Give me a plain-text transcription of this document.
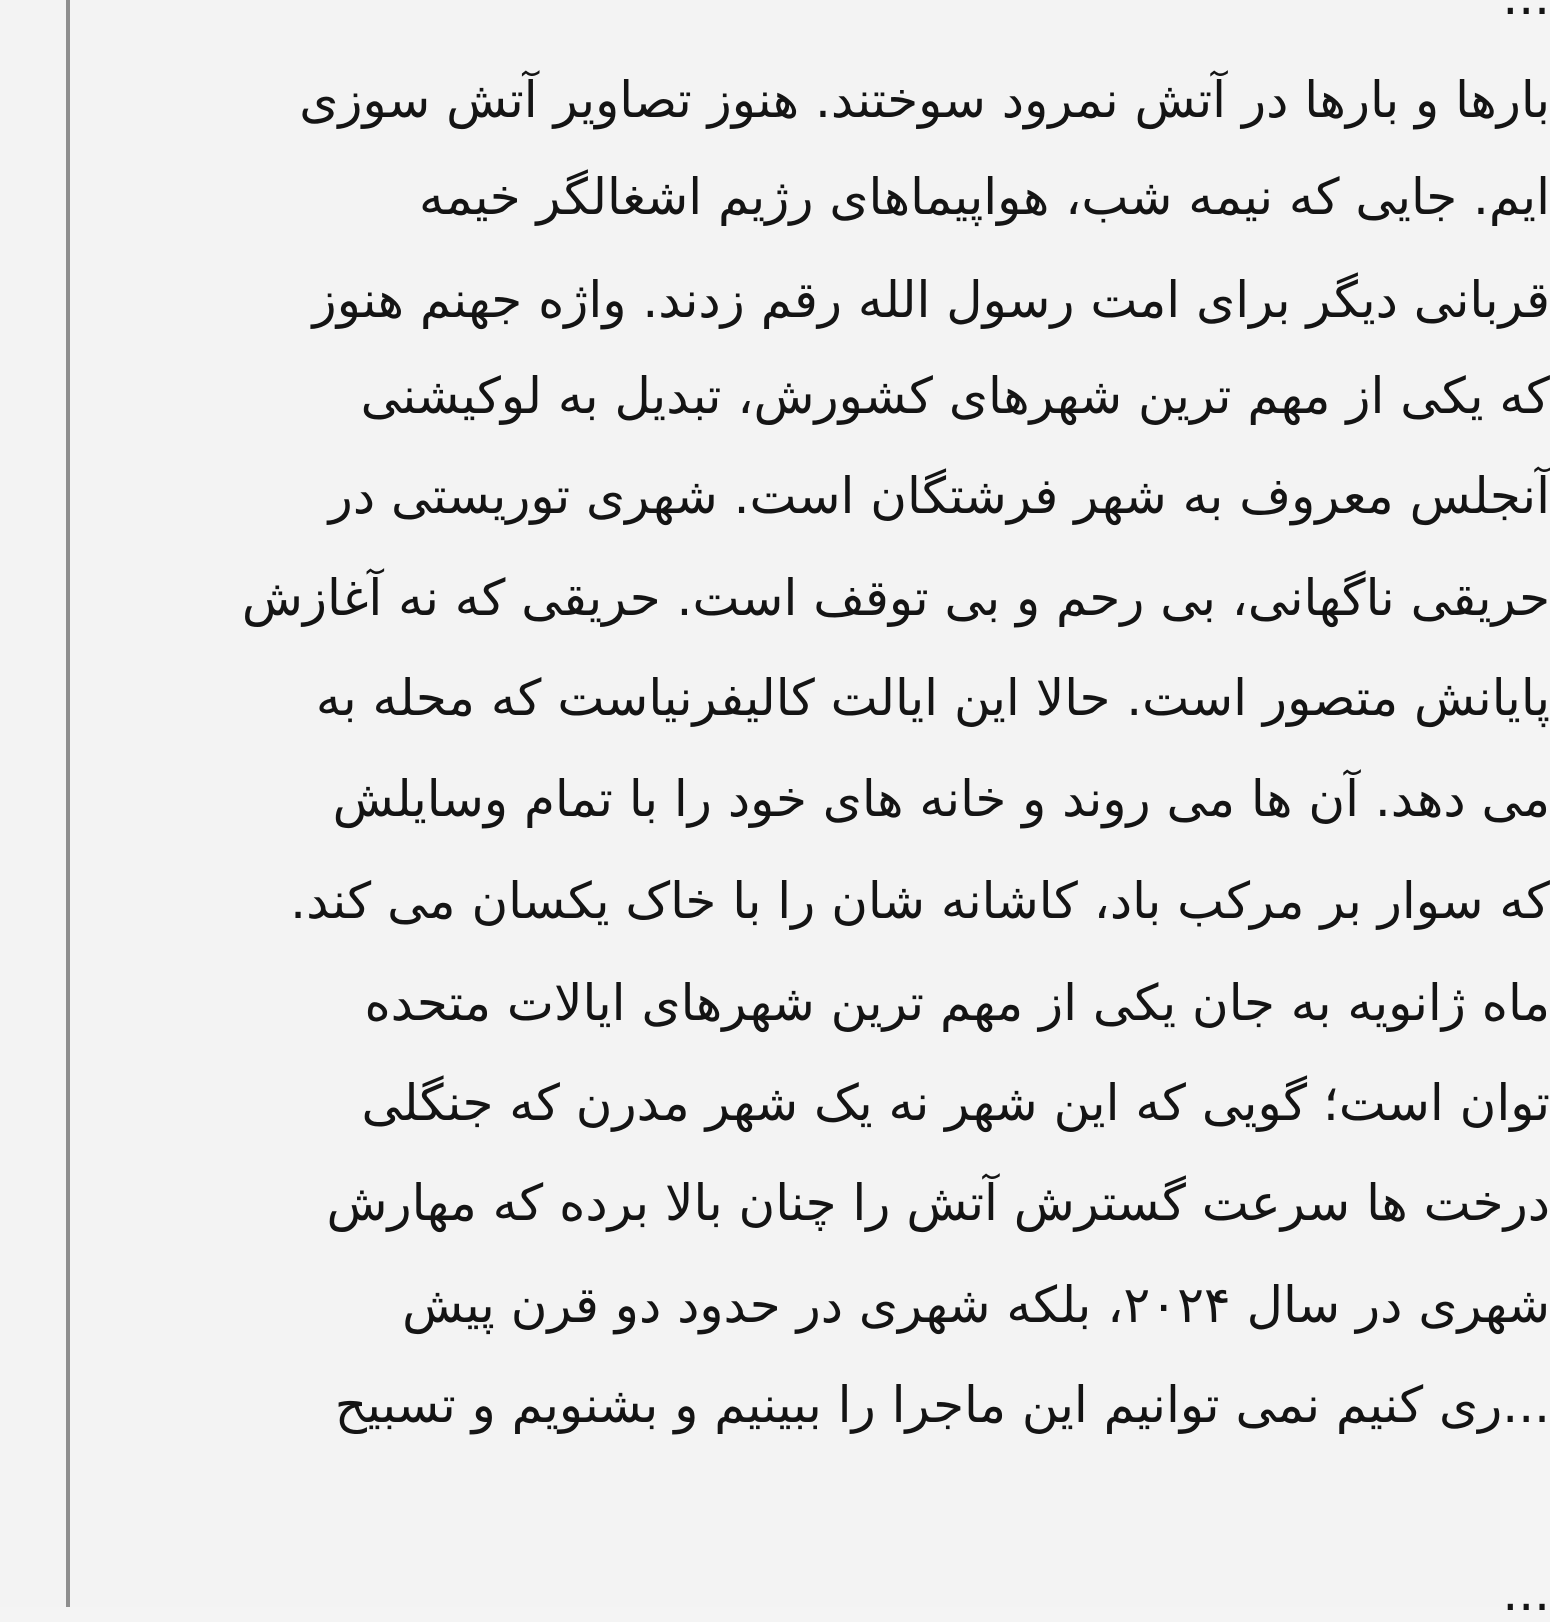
بارها و بارها در آتش نمرود سوختند. هنوز تصاویر آتش سوزی
ایم. جایی که نیمه شب، هواپیماهای رژیم اشغالگر خیمه
قربانی دیگر برای امت رسول الله رقم زدند. واژه جهنم هنوز
که یکی از مهم ترین شهرهای کشورش، تبدیل به لوکیشنی
آنجلس معروف به شهر فرشتگان است. شهری توریستی در
حریقی ناگهانی، بی رحم و بی توقف است. حریقی که نه آغازش
پایانش متصور است. حالا این ایالت کالیفرنیاست که محله به
می دهد. آن ها می روند و خانه های خود را با تمام وسایلش
که سوار بر مرکب باد، کاشانه شان را با خاک یکسان می کند.
ماه ژانویه به جان یکی از مهم ترین شهرهای ایالات متحده
توان است؛ گویی که این شهر نه یک شهر مدرن که جنگلی
درخت ها سرعت گسترش آتش را چنان بالا برده که مهارش
شهری در سال ۲۰۲۴، بلکه شهری در حدود دو قرن پیش
...ری کنیم نمی توانیم این ماجرا را ببینیم و بشنویم و تسبیح
...
